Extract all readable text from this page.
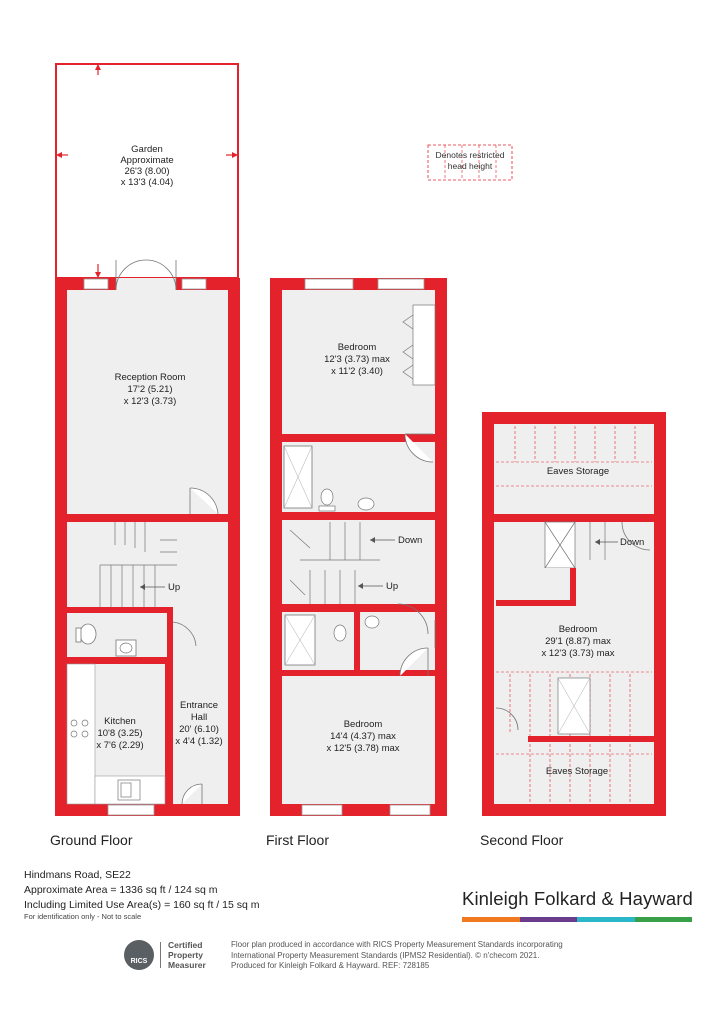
Garden
Approximate
26'3 (8.00)
x 13'3 (4.04)
Up
Reception Room
17'2 (5.21)
x 12'3 (3.73)
Kitchen
10'8 (3.25)
x 7'6 (2.29)
Entrance
Hall
20' (6.10)
x 4'4 (1.32)
Ground Floor
Down
Up
Bedroom
12'3 (3.73) max
x 11'2 (3.40)
Bedroom
14'4 (4.37) max
x 12'5 (3.78) max
First Floor
Down
Eaves Storage
Bedroom
29'1 (8.87) max
x 12'3 (3.73) max
Eaves Storage
Second Floor
Denotes restricted
head height
Hindmans Road, SE22
Approximate Area = 1336 sq ft / 124 sq m
Including Limited Use Area(s) = 160 sq ft / 15 sq m
For identification only - Not to scale
Kinleigh Folkard & Hayward
RICS
Certified
Property
Measurer
Floor plan produced in accordance with RICS Property Measurement Standards incorporating
International Property Measurement Standards (IPMS2 Residential). © n'checom 2021.
Produced for Kinleigh Folkard & Hayward. REF: 728185
